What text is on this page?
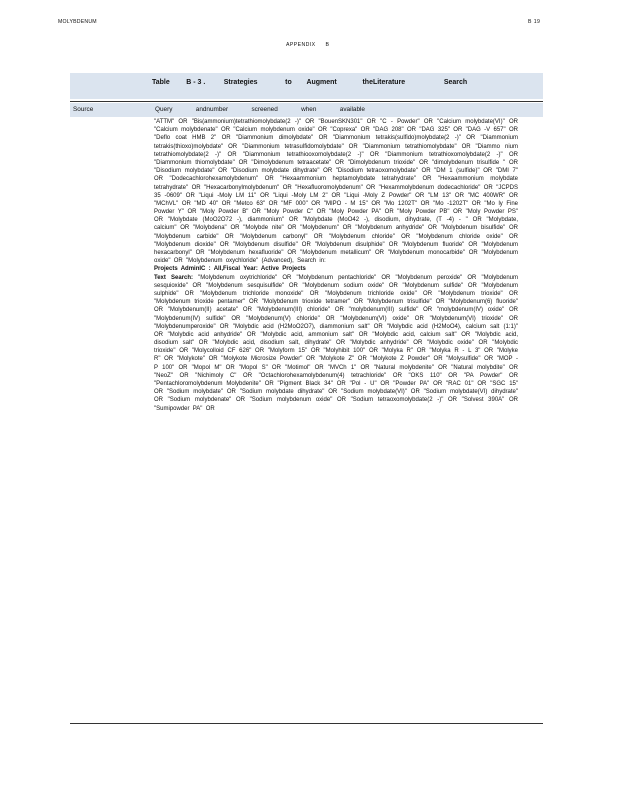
MOLYBDENUM	B 19
APPENDIX B
Table B - 3 . Strategies	to Augment	theLiterature	Search
Source	Query	andnumber	screened	when	available

"ATTM" OR "Bis(ammonium)tetrathiomolybdate(2 -)" OR "BouenSKN301" OR "C - Powder" OR "Calcium molybdate(VI)" OR "Calcium molybdenate" OR "Calcium molybdenum oxide" OR "Coprexa" OR "DAG 208" OR "DAG 325" OR "DAG -V 657" OR "Deflo coat HMB 2" OR "Diammonium dimolybdate" OR "Diammonium tetrakis(sulfido)molybdate(2 -)" OR "Diammonium tetrakis(thioxo)molybdate" OR "Diammonium tetrasulfidomolybdate" OR "Diammonium tetrathiomolybdate" OR "Diammo nium tetrathiomolybdate(2 -)" OR "Diammonium tetrathiooxomolybdate(2 -)" OR "Diammonium tetrathioxomolybdate(2 -)" OR "Diammonium thiomolybdate" OR "Dimolybdenum tetraacetate" OR "Dimolybdenum trioxide" OR "dimolybdenum trisulfide " OR "Disodium molybdate" OR "Disodium molybdate dihydrate" OR "Disodium tetraoxomolybdate" OR "DM 1 (sulfide)" OR "DMI 7" OR "Dodecachlorohexamolybdenum" OR "Hexaammonium heptamolybdate tetrahydrate" OR "Hexaammonium molybdate tetrahydrate" OR "Hexacarbonylmolybdenum" OR "Hexafluoromolybdenum" OR "Hexammolybdenum dodecachloride" OR "JCPDS 35 -0609" OR "Liqui -Moly LM 11" OR "Liqui -Moly LM 2" OR "Liqui -Moly Z Powder" OR "LM 13" OR "MC 400WR" OR "MChVL" OR "MD 40" OR "Metco 63" OR "MF 000" OR "MIPO - M 15" OR "Mo 1202T" OR "Mo -1202T" OR "Mo ly Fine Powder Y" OR "Moly Powder B" OR "Moly Powder C" OR "Moly Powder PA" OR "Moly Powder PB" OR "Moly Powder PS" OR "Molybdate (MoO2O72 -), diammonium" OR "Molybdate (MoO42 -), disodium, dihydrate, (T -4) - " OR "Molybdate, calcium" OR "Molybdena" OR "Molybde nite" OR "Molybdenum" OR "Molybdenum anhydride" OR "Molybdenum bisulfide" OR "Molybdenum carbide" OR "Molybdenum carbonyl" OR "Molybdenum chloride" OR "Molybdenum chloride oxide" OR "Molybdenum dioxide" OR "Molybdenum disulfide" OR "Molybdenum disulphide" OR "Molybdenum fluoride" OR "Molybdenum hexacarbonyl" OR "Molybdenum hexafluoride" OR "Molybdenum metallicum" OR "Molybdenum monocarbide" OR "Molybdenum oxide" OR "Molybdenum oxychloride" (Advanced), Search in:

Projects AdminIC : All,Fiscal Year: Active Projects

Text Search: "Molybdenum oxytrichloride" OR "Molybdenum pentachloride" OR "Molybdenum peroxide" OR "Molybdenum sesquioxide" OR "Molybdenum sesquisulfide" OR "Molybdenum sodium oxide" OR "Molybdenum sulfide" OR "Molybdenum sulphide" OR "Molybdenum trichloride monoxide" OR "Molybdenum trichloride oxide" OR "Molybdenum trioxide" OR "Molybdenum trioxide pentamer" OR "Molybdenum trioxide tetramer" OR "Molybdenum trisulfide" OR "Molybdenum(6) fluoride" OR "Molybdenum(II) acetate" OR "Molybdenum(III) chloride" OR "molybdenum(III) sulfide" OR "molybdenum(IV) oxide" OR "Molybdenum(IV) sulfide" OR "Molybdenum(V) chloride" OR "Molybdenum(VI) oxide" OR "Molybdenum(VI) trioxide" OR "Molybdenumperoxide" OR "Molybdic acid (H2MoO2O7), diammonium salt" OR "Molybdic acid (H2MoO4), calcium salt (1:1)" OR "Molybdic acid anhydride" OR "Molybdic acid, ammonium salt" OR "Molybdic acid, calcium salt" OR "Molybdic acid, disodium salt" OR "Molybdic acid, disodium salt, dihydrate" OR "Molybdic anhydride" OR "Molybdic oxide" OR "Molybdic trioxide" OR "Molycolloid CF 626" OR "Molyform 15" OR "Molyhibit 100" OR "Molyka R" OR "Molyka R - L 3" OR "Molyke R" OR "Molykote" OR "Molykote Microsize Powder" OR "Molykote Z" OR "Molykote Z Powder" OR "Molysulfide" OR "MOP - P 100" OR "Mopol M" OR "Mopol S" OR "Motimol" OR "MVCh 1" OR "Natural molybdenite" OR "Natural molybdite" OR "NeoZ" OR "Nichimoly C" OR "Octachlorohexamolybdenum(4) tetrachloride" OR "OKS 110" OR "PA Powder" OR "Pentachloromolybdenum Molybdenite" OR "Pigment Black 34" OR "Pol - U" OR "Powder PA" OR "RAC 01" OR "SGC 15" OR "Sodium molybdate" OR "Sodium molybdate dihydrate" OR "Sodium molybdate(VI)" OR "Sodium molybdate(VI) dihydrate" OR "Sodium molybdenate" OR "Sodium molybdenum oxide" OR "Sodium tetraoxomolybdate(2 -)" OR "Solvest 390A" OR "Sumipowder PA" OR
